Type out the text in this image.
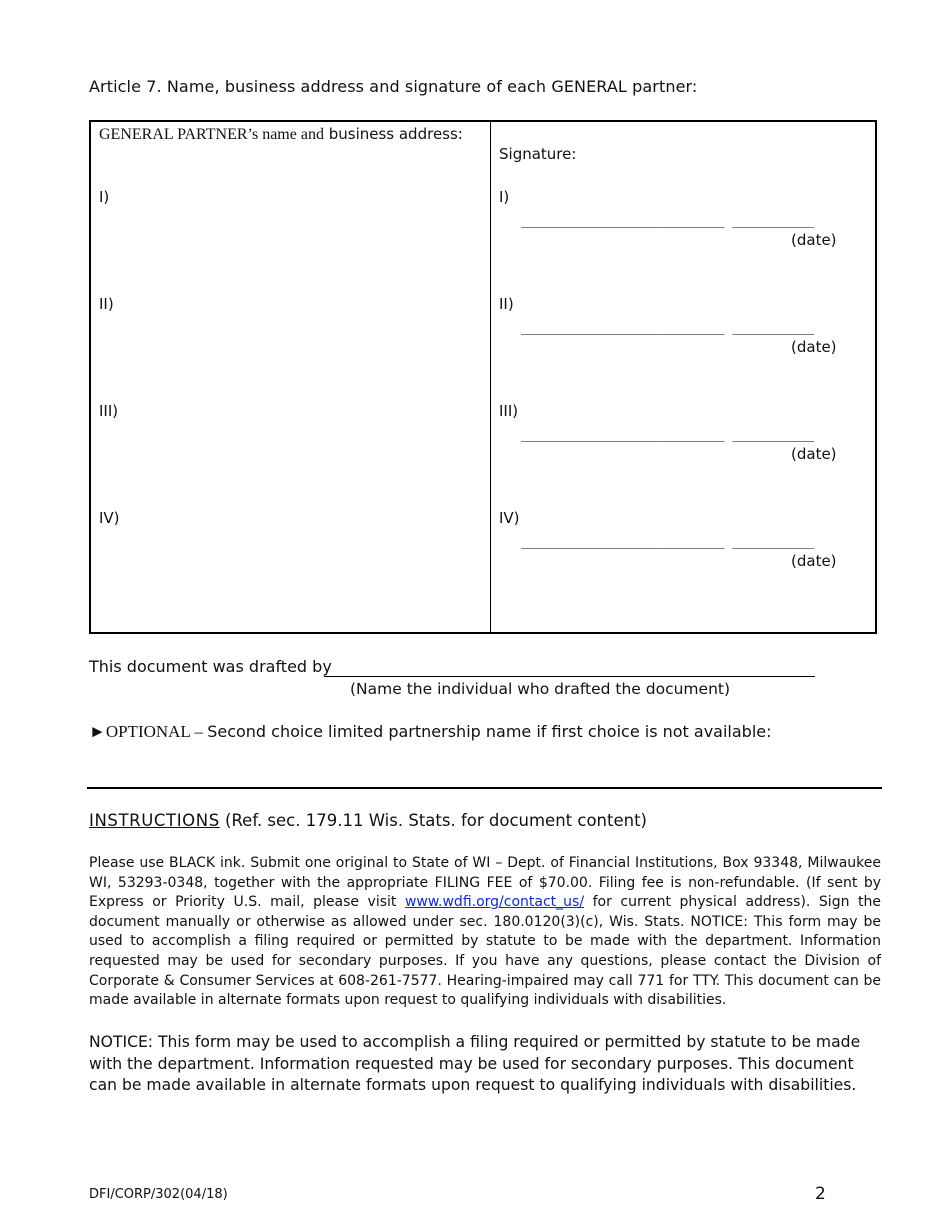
Article 7. Name, business address and signature of each GENERAL partner:
GENERAL PARTNER’s name and business address:
Signature:
I)	I)
_________________________ __________
(date)
II)	II)
_________________________ __________
(date)
III)	III)
_________________________ __________
(date)
IV)	IV)
_________________________ __________
(date)
This document was drafted by
(Name the individual who drafted the document)
►OPTIONAL – Second choice limited partnership name if first choice is not available:
INSTRUCTIONS (Ref. sec. 179.11 Wis. Stats. for document content)
Please use BLACK ink. Submit one original to State of WI – Dept. of Financial Institutions, Box 93348, Milwaukee WI, 53293-0348, together with the appropriate FILING FEE of $70.00. Filing fee is non-refundable. (If sent by Express or Priority U.S. mail, please visit www.wdfi.org/contact_us/ for current physical address). Sign the document manually or otherwise as allowed under sec. 180.0120(3)(c), Wis. Stats. NOTICE: This form may be used to accomplish a filing required or permitted by statute to be made with the department. Information requested may be used for secondary purposes. If you have any questions, please contact the Division of Corporate & Consumer Services at 608-261-7577. Hearing-impaired may call 771 for TTY. This document can be made available in alternate formats upon request to qualifying individuals with disabilities.
NOTICE: This form may be used to accomplish a filing required or permitted by statute to be made with the department. Information requested may be used for secondary purposes. This document can be made available in alternate formats upon request to qualifying individuals with disabilities.
DFI/CORP/302(04/18)	2
